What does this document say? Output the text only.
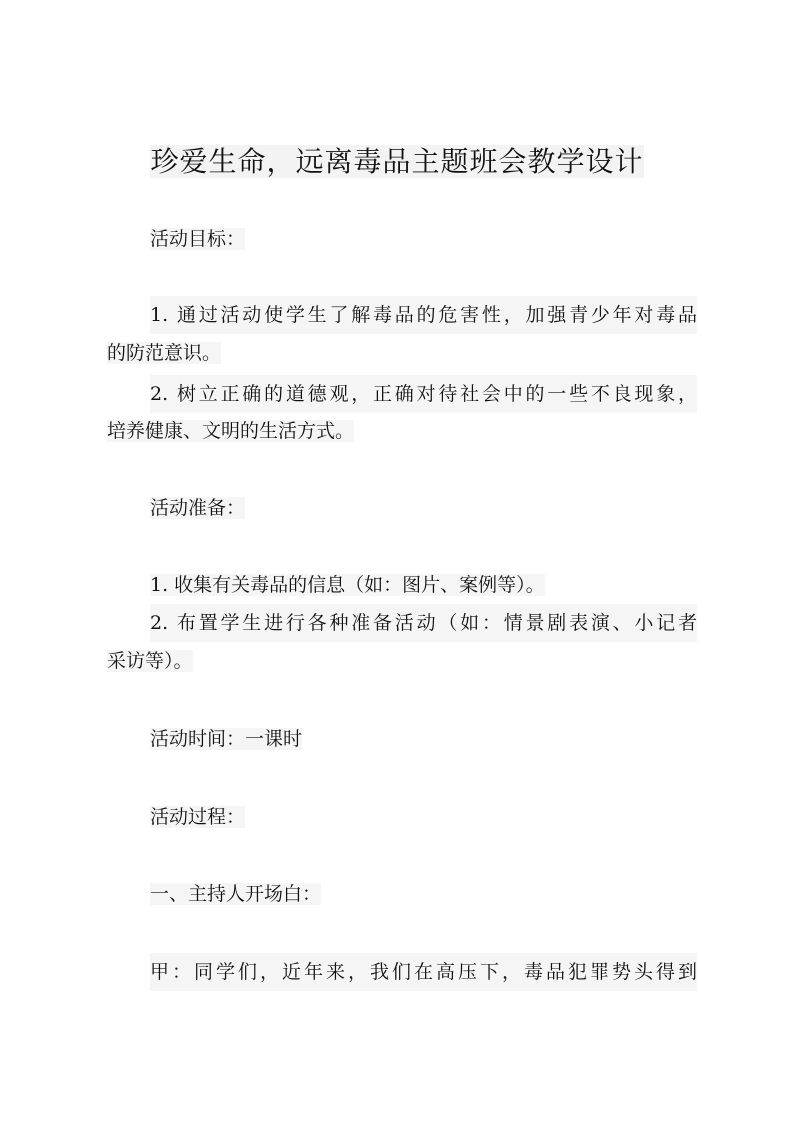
珍爱生命，远离毒品主题班会教学设计
活动目标：
1. 通过活动使学生了解毒品的危害性，加强青少年对毒品
的防范意识。
2. 树立正确的道德观，正确对待社会中的一些不良现象，
培养健康、文明的生活方式。
活动准备：
1. 收集有关毒品的信息（如：图片、案例等）。
2. 布置学生进行各种准备活动（如：情景剧表演、小记者
采访等）。
活动时间：一课时
活动过程：
一、主持人开场白：
甲：同学们，近年来，我们在高压下，毒品犯罪势头得到
